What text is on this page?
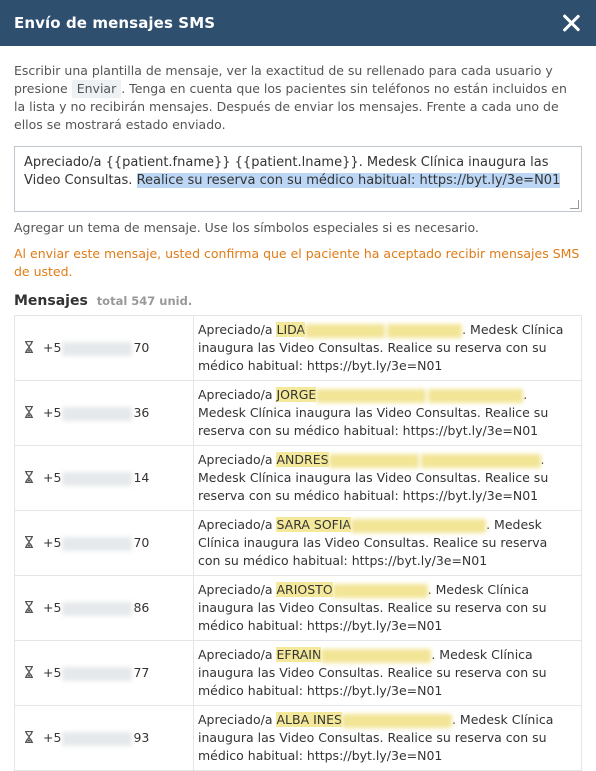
Envío de mensajes SMS

Escribir una plantilla de mensaje, ver la exactitud de su rellenado para cada usuario y presione Enviar . Tenga en cuenta que los pacientes sin teléfonos no están incluidos en la lista y no recibirán mensajes. Después de enviar los mensajes. Frente a cada uno de ellos se mostrará estado enviado.

Apreciado/a {{patient.fname}} {{patient.lname}}. Medesk Clínica inaugura las Video Consultas. Realice su reserva con su médico habitual: https://byt.ly/3e=N01
Agregar un tema de mensaje. Use los símbolos especiales si es necesario.
Al enviar este mensaje, usted confirma que el paciente ha aceptado recibir mensajes SMS de usted.
Mensajes total 547 unid.
	+5 70	Apreciado/a LIDA . Medesk Clínica inaugura las Video Consultas. Realice su reserva con su médico habitual: https://byt.ly/3e=N01

	+5 36	Apreciado/a JORGE . Medesk Clínica inaugura las Video Consultas. Realice su reserva con su médico habitual: https://byt.ly/3e=N01

	+5 14	Apreciado/a ANDRES . Medesk Clínica inaugura las Video Consultas. Realice su reserva con su médico habitual: https://byt.ly/3e=N01

	+5 70	Apreciado/a SARA SOFIA . Medesk Clínica inaugura las Video Consultas. Realice su reserva con su médico habitual: https://byt.ly/3e=N01

	+5 86	Apreciado/a ARIOSTO . Medesk Clínica inaugura las Video Consultas. Realice su reserva con su médico habitual: https://byt.ly/3e=N01

	+5 77	Apreciado/a EFRAIN . Medesk Clínica inaugura las Video Consultas. Realice su reserva con su médico habitual: https://byt.ly/3e=N01

	+5 93	Apreciado/a ALBA INES . Medesk Clínica inaugura las Video Consultas. Realice su reserva con su médico habitual: https://byt.ly/3e=N01
